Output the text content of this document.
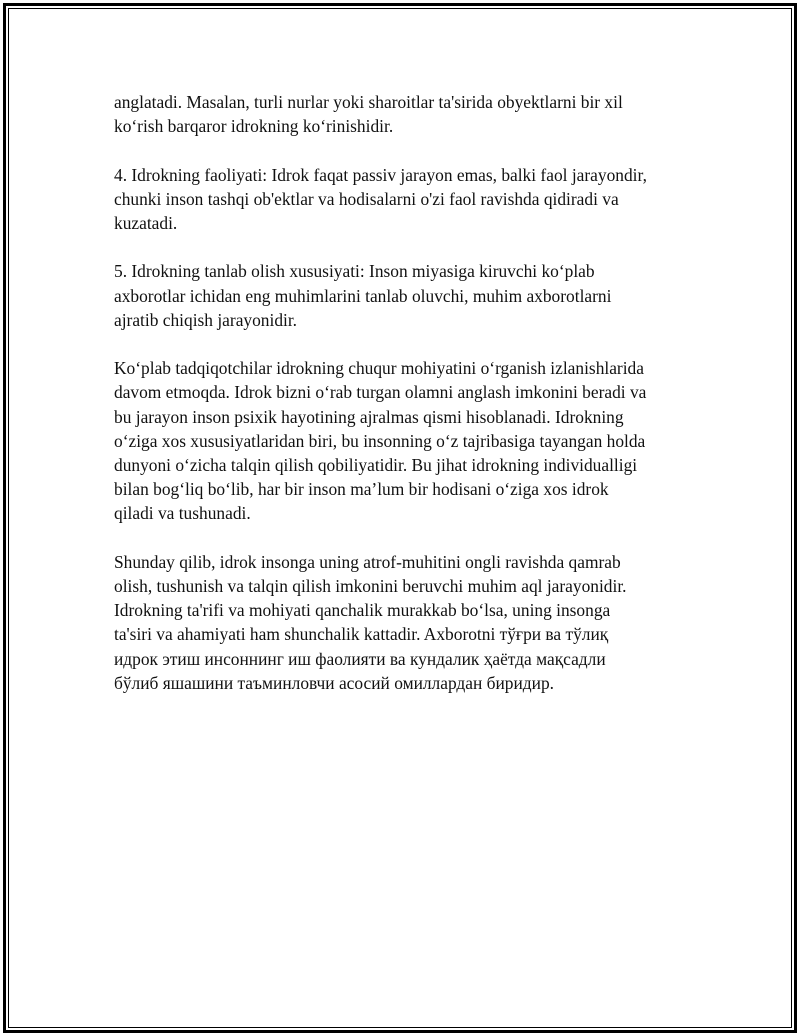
anglatadi. Masalan, turli nurlar yoki sharoitlar ta'sirida obyektlarni bir xil
ko‘rish barqaror idrokning ko‘rinishidir.

4. Idrokning faoliyati: Idrok faqat passiv jarayon emas, balki faol jarayondir,
chunki inson tashqi ob'ektlar va hodisalarni o'zi faol ravishda qidiradi va
kuzatadi.

5. Idrokning tanlab olish xususiyati: Inson miyasiga kiruvchi ko‘plab
axborotlar ichidan eng muhimlarini tanlab oluvchi, muhim axborotlarni
ajratib chiqish jarayonidir.

Ko‘plab tadqiqotchilar idrokning chuqur mohiyatini o‘rganish izlanishlarida
davom etmoqda. Idrok bizni o‘rab turgan olamni anglash imkonini beradi va
bu jarayon inson psixik hayotining ajralmas qismi hisoblanadi. Idrokning
o‘ziga xos xususiyatlaridan biri, bu insonning o‘z tajribasiga tayangan holda
dunyoni o‘zicha talqin qilish qobiliyatidir. Bu jihat idrokning individualligi
bilan bog‘liq bo‘lib, har bir inson ma’lum bir hodisani o‘ziga xos idrok
qiladi va tushunadi.

Shunday qilib, idrok insonga uning atrof-muhitini ongli ravishda qamrab
olish, tushunish va talqin qilish imkonini beruvchi muhim aql jarayonidir.
Idrokning ta'rifi va mohiyati qanchalik murakkab bo‘lsa, uning insonga
ta'siri va ahamiyati ham shunchalik kattadir. Axborotni тўғри ва тўлиқ
идрок этиш инсоннинг иш фаолияти ва кундалик ҳаётда мақсадли
бўлиб яшашини таъминловчи асосий омиллардан биридир.
